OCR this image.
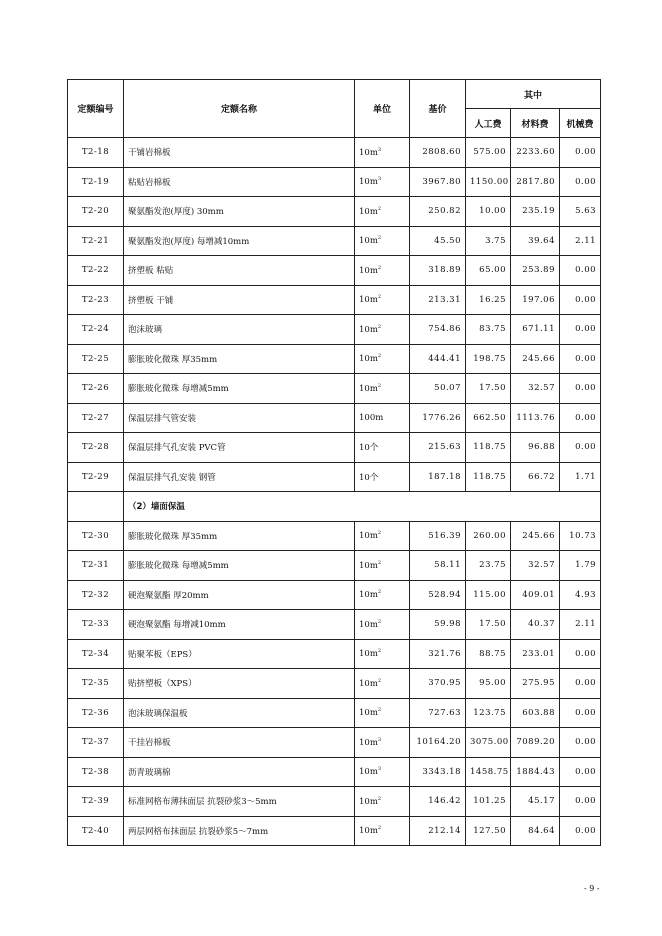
定额编号	定额名称	单位	基价	其中		
				人工费	材料费	机械费
T2-18	干铺岩棉板	$10m^3$	2808.60	575.00	2233.60	0.00
T2-19	粘贴岩棉板	$10m^3$	3967.80	1150.00	2817.80	0.00
T2-20	聚氨酯发泡(厚度) 30mm	$10m^2$	250.82	10.00	235.19	5.63
T2-21	聚氨酯发泡(厚度) 每增减10mm	$10m^2$	45.50	3.75	39.64	2.11
T2-22	挤塑板 粘贴	$10m^2$	318.89	65.00	253.89	0.00
T2-23	挤塑板 干铺	$10m^2$	213.31	16.25	197.06	0.00
T2-24	泡沫玻璃	$10m^2$	754.86	83.75	671.11	0.00
T2-25	膨胀玻化微珠 厚35mm	$10m^2$	444.41	198.75	245.66	0.00
T2-26	膨胀玻化微珠 每增减5mm	$10m^2$	50.07	17.50	32.57	0.00
T2-27	保温层排气管安装	100m	1776.26	662.50	1113.76	0.00
T2-28	保温层排气孔安装 PVC管	10个	215.63	118.75	96.88	0.00
T2-29	保温层排气孔安装 钢管	10个	187.18	118.75	66.72	1.71
	（2）墙面保温					
T2-30	膨胀玻化微珠 厚35mm	$10m^2$	516.39	260.00	245.66	10.73
T2-31	膨胀玻化微珠 每增减5mm	$10m^2$	58.11	23.75	32.57	1.79
T2-32	硬泡聚氨酯 厚20mm	$10m^2$	528.94	115.00	409.01	4.93
T2-33	硬泡聚氨酯 每增减10mm	$10m^2$	59.98	17.50	40.37	2.11
T2-34	贴聚苯板（EPS）	$10m^2$	321.76	88.75	233.01	0.00
T2-35	贴挤塑板（XPS）	$10m^2$	370.95	95.00	275.95	0.00
T2-36	泡沫玻璃保温板	$10m^2$	727.63	123.75	603.88	0.00
T2-37	干挂岩棉板	$10m^3$	10164.20	3075.00	7089.20	0.00
T2-38	沥青玻璃棉	$10m^3$	3343.18	1458.75	1884.43	0.00
T2-39	标准网格布薄抹面层 抗裂砂浆3～5mm	$10m^2$	146.42	101.25	45.17	0.00
T2-40	两层网格布抹面层 抗裂砂浆5～7mm	$10m^2$	212.14	127.50	84.64	0.00
- 9 -
